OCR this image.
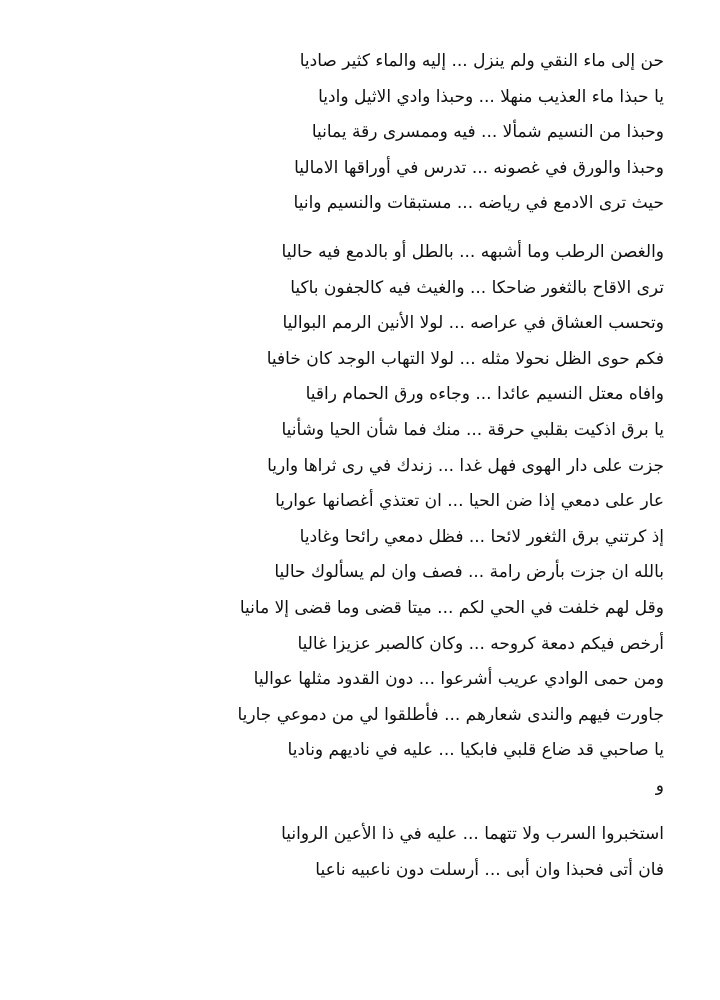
حن إلى ماء النقي ولم ينزل ... إليه والماء كثير صاديا
يا حبذا ماء العذيب منهلا ... وحبذا وادي الاثيل واديا
وحبذا من النسيم شمألا ... فيه وممسرى رقة يمانيا
وحبذا والورق في غصونه ... تدرس في أوراقها الاماليا
حيث ترى الادمع في رياضه ... مستبقات والنسيم وانيا
والغصن الرطب وما أشبهه ... بالطل أو بالدمع فيه حاليا
ترى الاقاح بالثغور ضاحكا ... والغيث فيه كالجفون باكيا
وتحسب العشاق في عراصه ... لولا الأنين الرمم البواليا
فكم حوى الظل نحولا مثله ... لولا التهاب الوجد كان خافيا
وافاه معتل النسيم عائدا ... وجاءه ورق الحمام راقيا
يا برق اذكيت بقلبي حرقة ... منك فما شأن الحيا وشأنيا
جزت على دار الهوى فهل غدا ... زندك في رى ثراها واريا
عار على دمعي إذا ضن الحيا ... ان تعتذي أغصانها عواريا
إذ كرتني برق الثغور لائحا ... فظل دمعي رائحا وغاديا
بالله ان جزت بأرض رامة ... فصف وان لم يسألوك حاليا
وقل لهم خلفت في الحي لكم ... ميتا قضى وما قضى إلا مانيا
أرخص فيكم دمعة كروحه ... وكان كالصبر عزيزا غاليا
ومن حمى الوادي عريب أشرعوا ... دون القدود مثلها عواليا
جاورت فيهم والندى شعارهم ... فأطلقوا لي من دموعي جاريا
يا صاحبي قد ضاع قلبي فابكيا ... عليه في ناديهم وناديا
و
استخبروا السرب ولا تتهما ... عليه في ذا الأعين الروانيا
فان أتى فحبذا وان أبى ... أرسلت دون ناعبيه ناعيا
